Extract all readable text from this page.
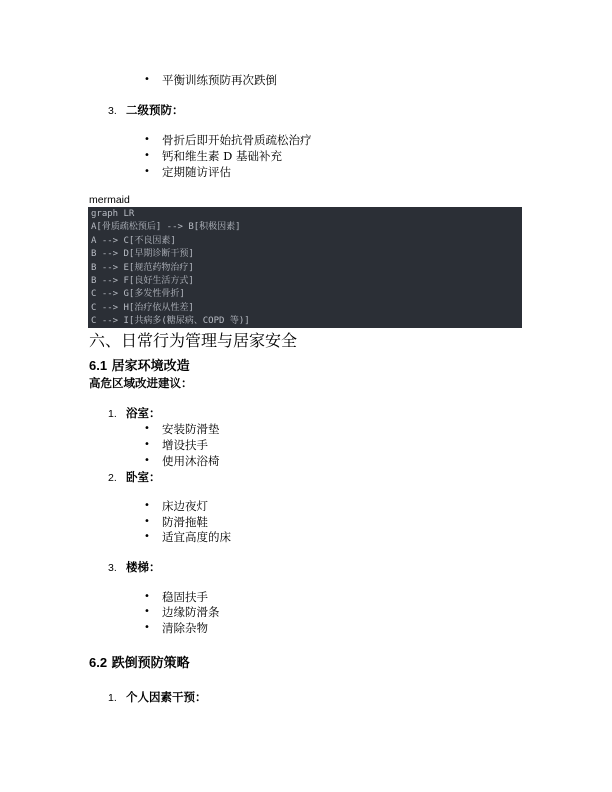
• 平衡训练预防再次跌倒
3. 二级预防：
• 骨折后即开始抗骨质疏松治疗
• 钙和维生素 D 基础补充
• 定期随访评估
mermaid
graph LR
A[骨质疏松预后] --> B[积极因素]
A --> C[不良因素]
B --> D[早期诊断干预]
B --> E[规范药物治疗]
B --> F[良好生活方式]
C --> G[多发性骨折]
C --> H[治疗依从性差]
C --> I[共病多(糖尿病、COPD 等)]
六、日常行为管理与居家安全
6.1 居家环境改造
高危区域改进建议：
1. 浴室：
• 安装防滑垫
• 增设扶手
• 使用沐浴椅
2. 卧室：
• 床边夜灯
• 防滑拖鞋
• 适宜高度的床
3. 楼梯：
• 稳固扶手
• 边缘防滑条
• 清除杂物
6.2 跌倒预防策略
1. 个人因素干预：
